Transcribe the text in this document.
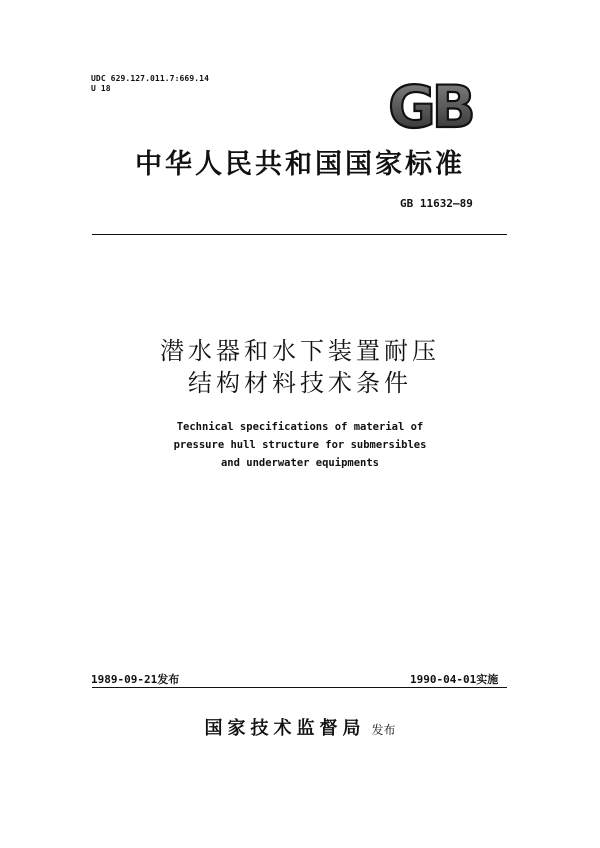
UDC 629.127.011.7:669.14
U 18	GB
中华人民共和国国家标准
GB 11632—89
潜水器和水下装置耐压
结构材料技术条件
Technical specifications of material of
pressure hull structure for submersibles
and underwater equipments
1989-09-21发布	1990-04-01实施
国家技术监督局 发布
